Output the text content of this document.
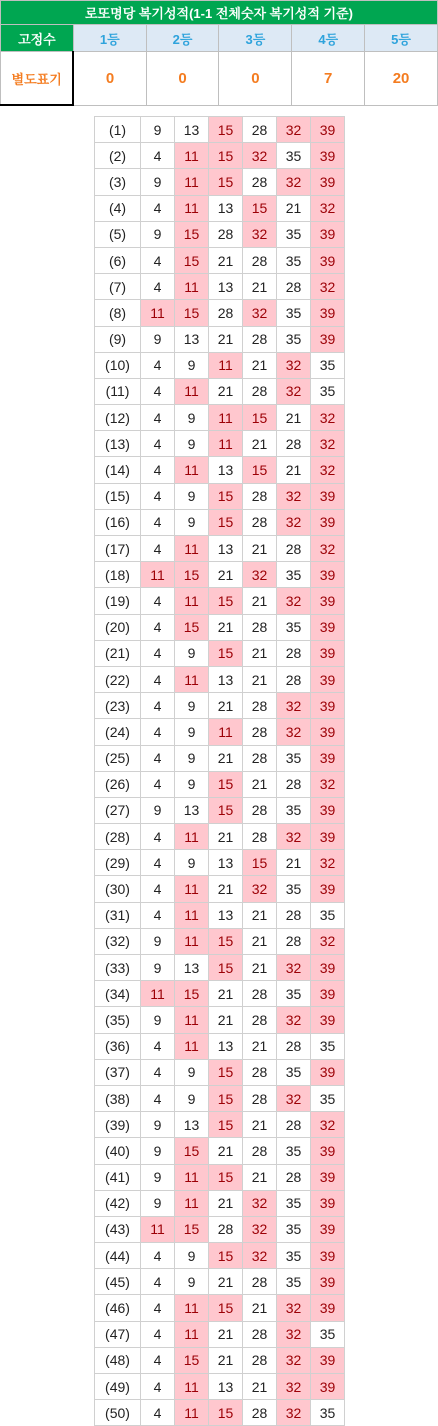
로또명당 복기성적(1-1 전체숫자 복기성적 기준)					
고정수	1등	2등	3등	4등	5등
별도표기	0	0	0	7	20
(1)	9	13	15	28	32	39
(2)	4	11	15	32	35	39
(3)	9	11	15	28	32	39
(4)	4	11	13	15	21	32
(5)	9	15	28	32	35	39
(6)	4	15	21	28	35	39
(7)	4	11	13	21	28	32
(8)	11	15	28	32	35	39
(9)	9	13	21	28	35	39
(10)	4	9	11	21	32	35
(11)	4	11	21	28	32	35
(12)	4	9	11	15	21	32
(13)	4	9	11	21	28	32
(14)	4	11	13	15	21	32
(15)	4	9	15	28	32	39
(16)	4	9	15	28	32	39
(17)	4	11	13	21	28	32
(18)	11	15	21	32	35	39
(19)	4	11	15	21	32	39
(20)	4	15	21	28	35	39
(21)	4	9	15	21	28	39
(22)	4	11	13	21	28	39
(23)	4	9	21	28	32	39
(24)	4	9	11	28	32	39
(25)	4	9	21	28	35	39
(26)	4	9	15	21	28	32
(27)	9	13	15	28	35	39
(28)	4	11	21	28	32	39
(29)	4	9	13	15	21	32
(30)	4	11	21	32	35	39
(31)	4	11	13	21	28	35
(32)	9	11	15	21	28	32
(33)	9	13	15	21	32	39
(34)	11	15	21	28	35	39
(35)	9	11	21	28	32	39
(36)	4	11	13	21	28	35
(37)	4	9	15	28	35	39
(38)	4	9	15	28	32	35
(39)	9	13	15	21	28	32
(40)	9	15	21	28	35	39
(41)	9	11	15	21	28	39
(42)	9	11	21	32	35	39
(43)	11	15	28	32	35	39
(44)	4	9	15	32	35	39
(45)	4	9	21	28	35	39
(46)	4	11	15	21	32	39
(47)	4	11	21	28	32	35
(48)	4	15	21	28	32	39
(49)	4	11	13	21	32	39
(50)	4	11	15	28	32	35
